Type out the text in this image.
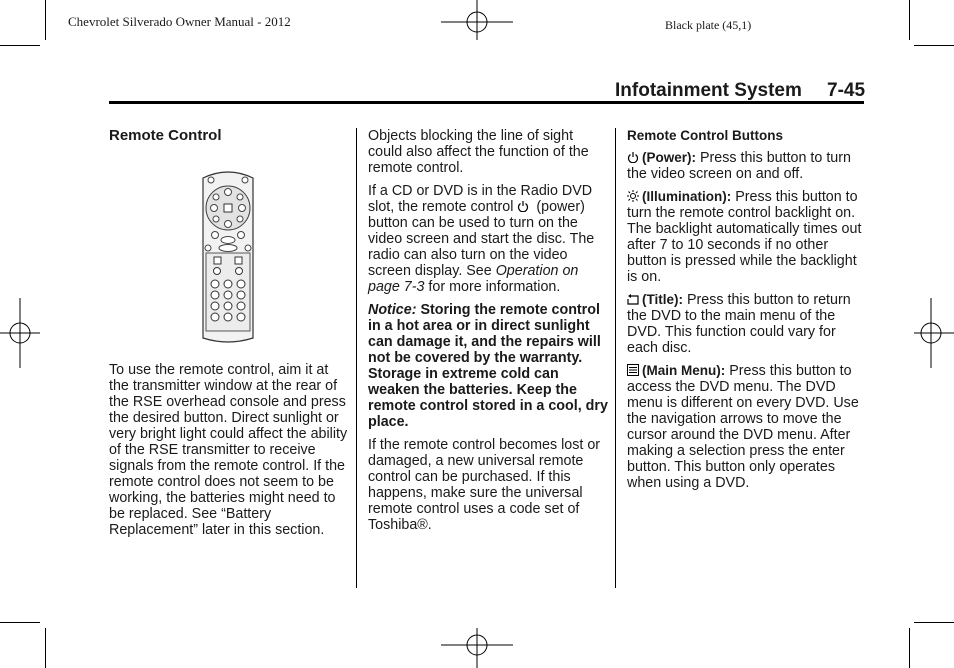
Chevrolet Silverado Owner Manual - 2012	Black plate (45,1)
Infotainment System 7-45
Remote Control

To use the remote control, aim it at the transmitter window at the rear of the RSE overhead console and press the desired button. Direct sunlight or very bright light could affect the ability of the RSE transmitter to receive signals from the remote control. If the remote control does not seem to be working, the batteries might need to be replaced. See “Battery Replacement” later in this section.

Objects blocking the line of sight could also affect the function of the remote control.

If a CD or DVD is in the Radio DVD slot, the remote control  (power) button can be used to turn on the video screen and start the disc. The radio can also turn on the video screen display. See Operation on page 7-3 for more information.

Notice: Storing the remote control in a hot area or in direct sunlight can damage it, and the repairs will not be covered by the warranty. Storage in extreme cold can weaken the batteries. Keep the remote control stored in a cool, dry place.

If the remote control becomes lost or damaged, a new universal remote control can be purchased. If this happens, make sure the universal remote control uses a code set of Toshiba®.

Remote Control Buttons

(Power): Press this button to turn the video screen on and off.

(Illumination): Press this button to turn the remote control backlight on. The backlight automatically times out after 7 to 10 seconds if no other button is pressed while the backlight is on.

(Title): Press this button to return the DVD to the main menu of the DVD. This function could vary for each disc.

(Main Menu): Press this button to access the DVD menu. The DVD menu is different on every DVD. Use the navigation arrows to move the cursor around the DVD menu. After making a selection press the enter button. This button only operates when using a DVD.
